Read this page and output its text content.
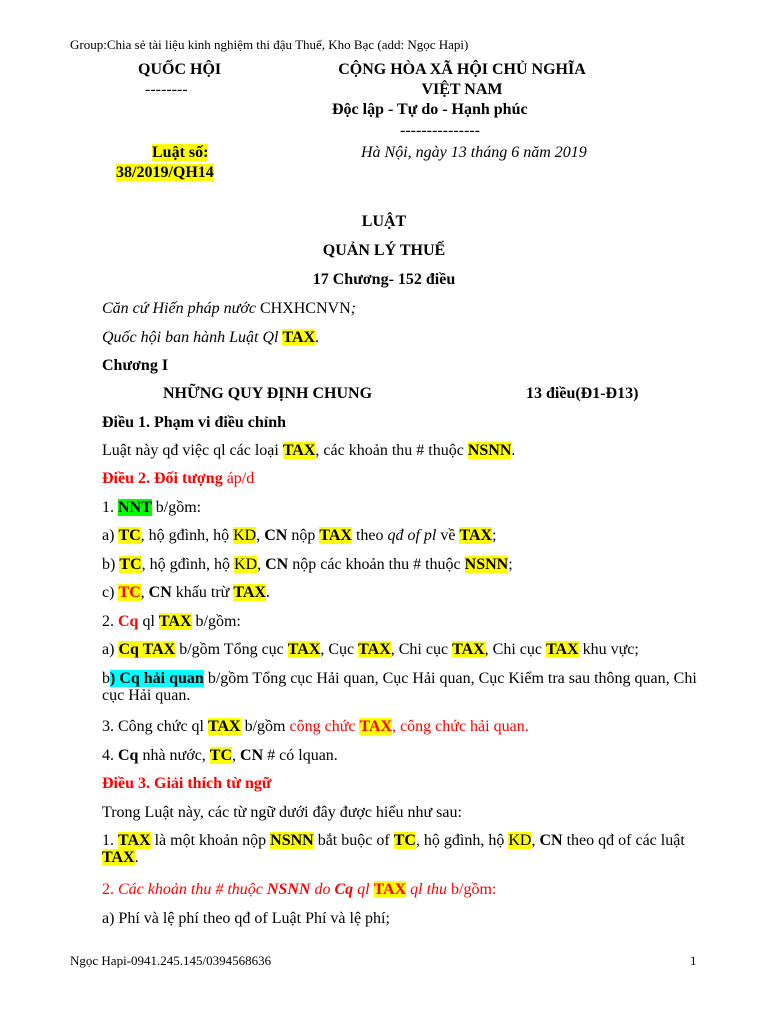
Group:Chia sẻ tài liệu kinh nghiệm thi đậu Thuế, Kho Bạc (add: Ngọc Hapi)
QUỐC HỘI
--------
CỘNG HÒA XÃ HỘI CHỦ NGHĨA
VIỆT NAM
Độc lập - Tự do - Hạnh phúc
---------------
Luật số:
38/2019/QH14
Hà Nội, ngày 13 tháng 6 năm 2019
LUẬT
QUẢN LÝ THUẾ
17 Chương- 152 điều
Căn cứ Hiến pháp nước CHXHCNVN;
Quốc hội ban hành Luật Ql TAX.
Chương I
NHỮNG QUY ĐỊNH CHUNG	13 điều(Đ1-Đ13)
Điều 1. Phạm vi điều chỉnh
Luật này qđ việc ql các loại TAX, các khoản thu # thuộc NSNN.
Điều 2. Đối tượng áp/d
1. NNT b/gồm:
a) TC, hộ gđình, hộ KD, CN nộp TAX theo qđ of pl về TAX;
b) TC, hộ gđình, hộ KD, CN nộp các khoản thu # thuộc NSNN;
c) TC, CN khấu trừ TAX.
2. Cq ql TAX b/gồm:
a) Cq TAX b/gồm Tổng cục TAX, Cục TAX, Chi cục TAX, Chi cục TAX khu vực;
b) Cq hải quan b/gồm Tổng cục Hải quan, Cục Hải quan, Cục Kiểm tra sau thông quan, Chi cục Hải quan.
3. Công chức ql TAX b/gồm công chức TAX, công chức hải quan.
4. Cq nhà nước, TC, CN # có lquan.
Điều 3. Giải thích từ ngữ
Trong Luật này, các từ ngữ dưới đây được hiểu như sau:
1. TAX là một khoản nộp NSNN bắt buộc of TC, hộ gđình, hộ KD, CN theo qđ of các luật TAX.
2. Các khoản thu # thuộc NSNN do Cq ql TAX ql thu b/gồm:
a) Phí và lệ phí theo qđ of Luật Phí và lệ phí;
Ngọc Hapi-0941.245.145/0394568636	1
